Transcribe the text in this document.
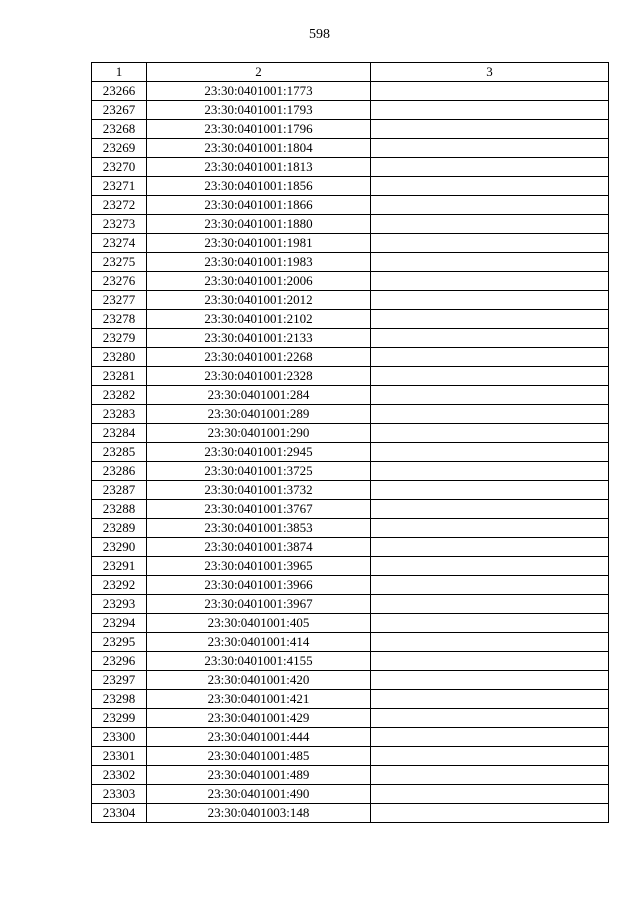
598
1	2	3
23266	23:30:0401001:1773	
23267	23:30:0401001:1793	
23268	23:30:0401001:1796	
23269	23:30:0401001:1804	
23270	23:30:0401001:1813	
23271	23:30:0401001:1856	
23272	23:30:0401001:1866	
23273	23:30:0401001:1880	
23274	23:30:0401001:1981	
23275	23:30:0401001:1983	
23276	23:30:0401001:2006	
23277	23:30:0401001:2012	
23278	23:30:0401001:2102	
23279	23:30:0401001:2133	
23280	23:30:0401001:2268	
23281	23:30:0401001:2328	
23282	23:30:0401001:284	
23283	23:30:0401001:289	
23284	23:30:0401001:290	
23285	23:30:0401001:2945	
23286	23:30:0401001:3725	
23287	23:30:0401001:3732	
23288	23:30:0401001:3767	
23289	23:30:0401001:3853	
23290	23:30:0401001:3874	
23291	23:30:0401001:3965	
23292	23:30:0401001:3966	
23293	23:30:0401001:3967	
23294	23:30:0401001:405	
23295	23:30:0401001:414	
23296	23:30:0401001:4155	
23297	23:30:0401001:420	
23298	23:30:0401001:421	
23299	23:30:0401001:429	
23300	23:30:0401001:444	
23301	23:30:0401001:485	
23302	23:30:0401001:489	
23303	23:30:0401001:490	
23304	23:30:0401003:148	
